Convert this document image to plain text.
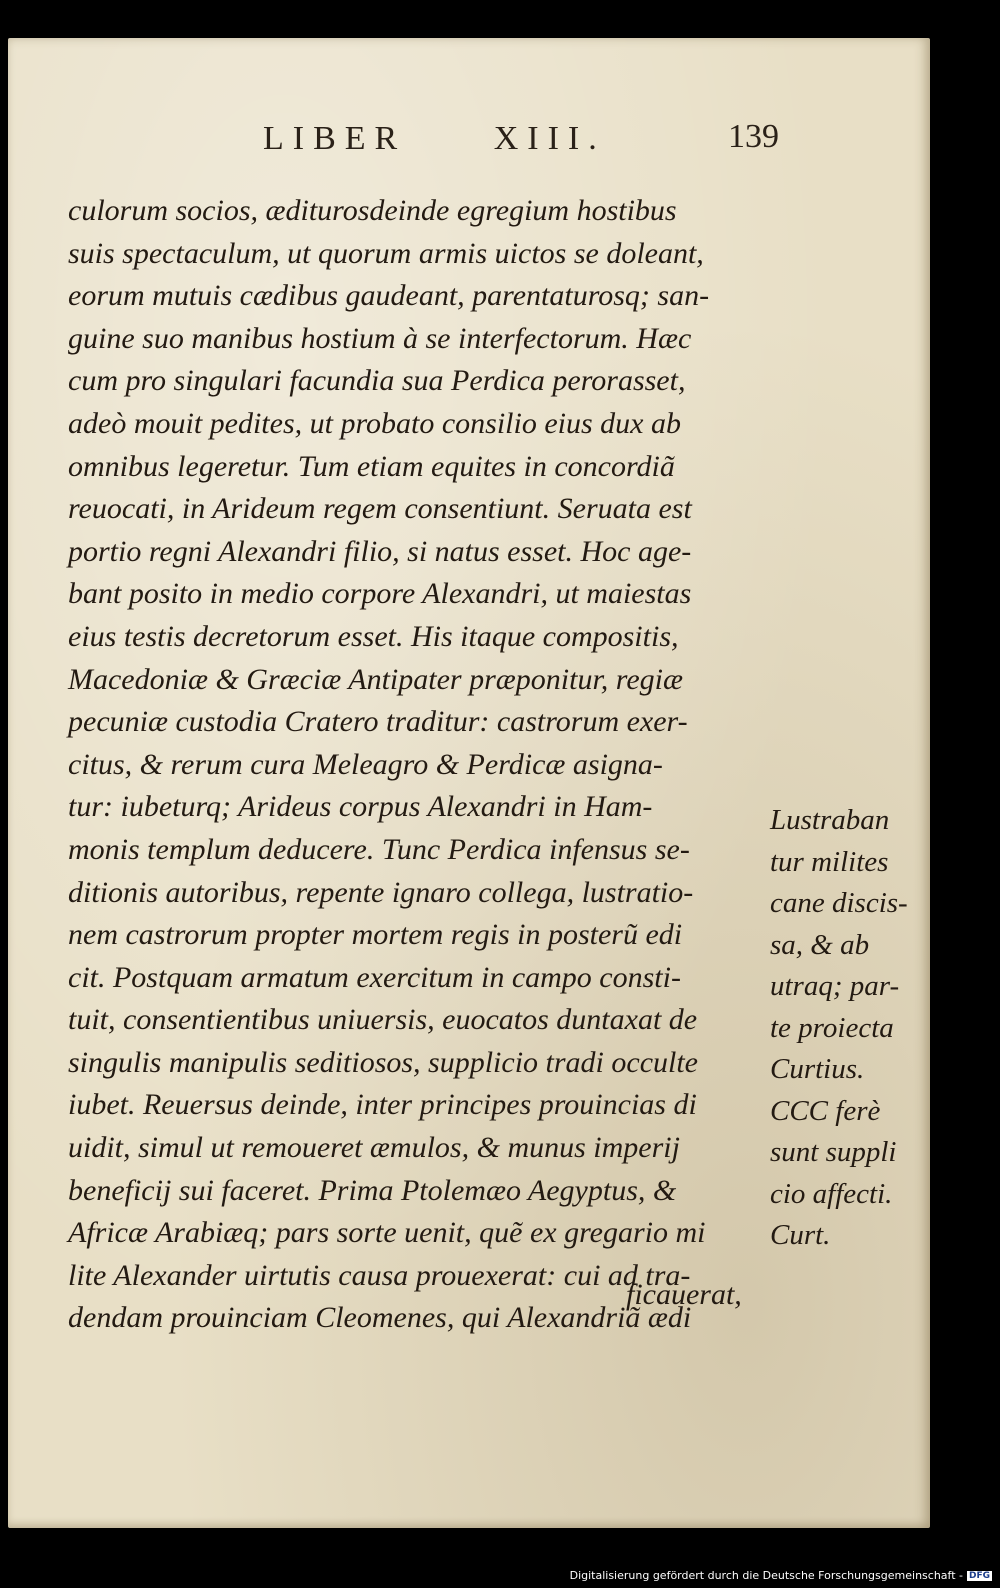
LIBER     XIII.	139
culorum socios, æditurosdeinde egregium hostibus
suis spectaculum, ut quorum armis uictos se doleant,
eorum mutuis cædibus gaudeant, parentaturosq; san-
guine suo manibus hostium à se interfectorum. Hæc
cum pro singulari facundia sua Perdica perorasset,
adeò mouit pedites, ut probato consilio eius dux ab
omnibus legeretur. Tum etiam equites in concordiã
reuocati, in Arideum regem consentiunt. Seruata est
portio regni Alexandri filio, si natus esset. Hoc age-
bant posito in medio corpore Alexandri, ut maiestas
eius testis decretorum esset. His itaque compositis,
Macedoniæ & Græciæ Antipater præponitur, regiæ
pecuniæ custodia Cratero traditur: castrorum exer-
citus, & rerum cura Meleagro & Perdicæ asigna-
tur: iubeturq; Arideus corpus Alexandri in Ham-
monis templum deducere. Tunc Perdica infensus se-
ditionis autoribus, repente ignaro collega, lustratio-
nem castrorum propter mortem regis in posterũ edi
cit. Postquam armatum exercitum in campo consti-
tuit, consentientibus uniuersis, euocatos duntaxat de
singulis manipulis seditiosos, supplicio tradi occulte
iubet. Reuersus deinde, inter principes prouincias di
uidit, simul ut remoueret æmulos, & munus imperij
beneficij sui faceret. Prima Ptolemæo Aegyptus, &
Africæ Arabiæq; pars sorte uenit, quẽ ex gregario mi
lite Alexander uirtutis causa prouexerat: cui ad tra-
dendam prouinciam Cleomenes, qui Alexandriã ædi
Lustraban
tur milites
cane discis-
sa, & ab
utraq; par-
te proiecta
Curtius.
CCC ferè
sunt suppli
cio affecti.
Curt.
ficauerat,
Digitalisierung gefördert durch die Deutsche Forschungsgemeinschaft - DFG
